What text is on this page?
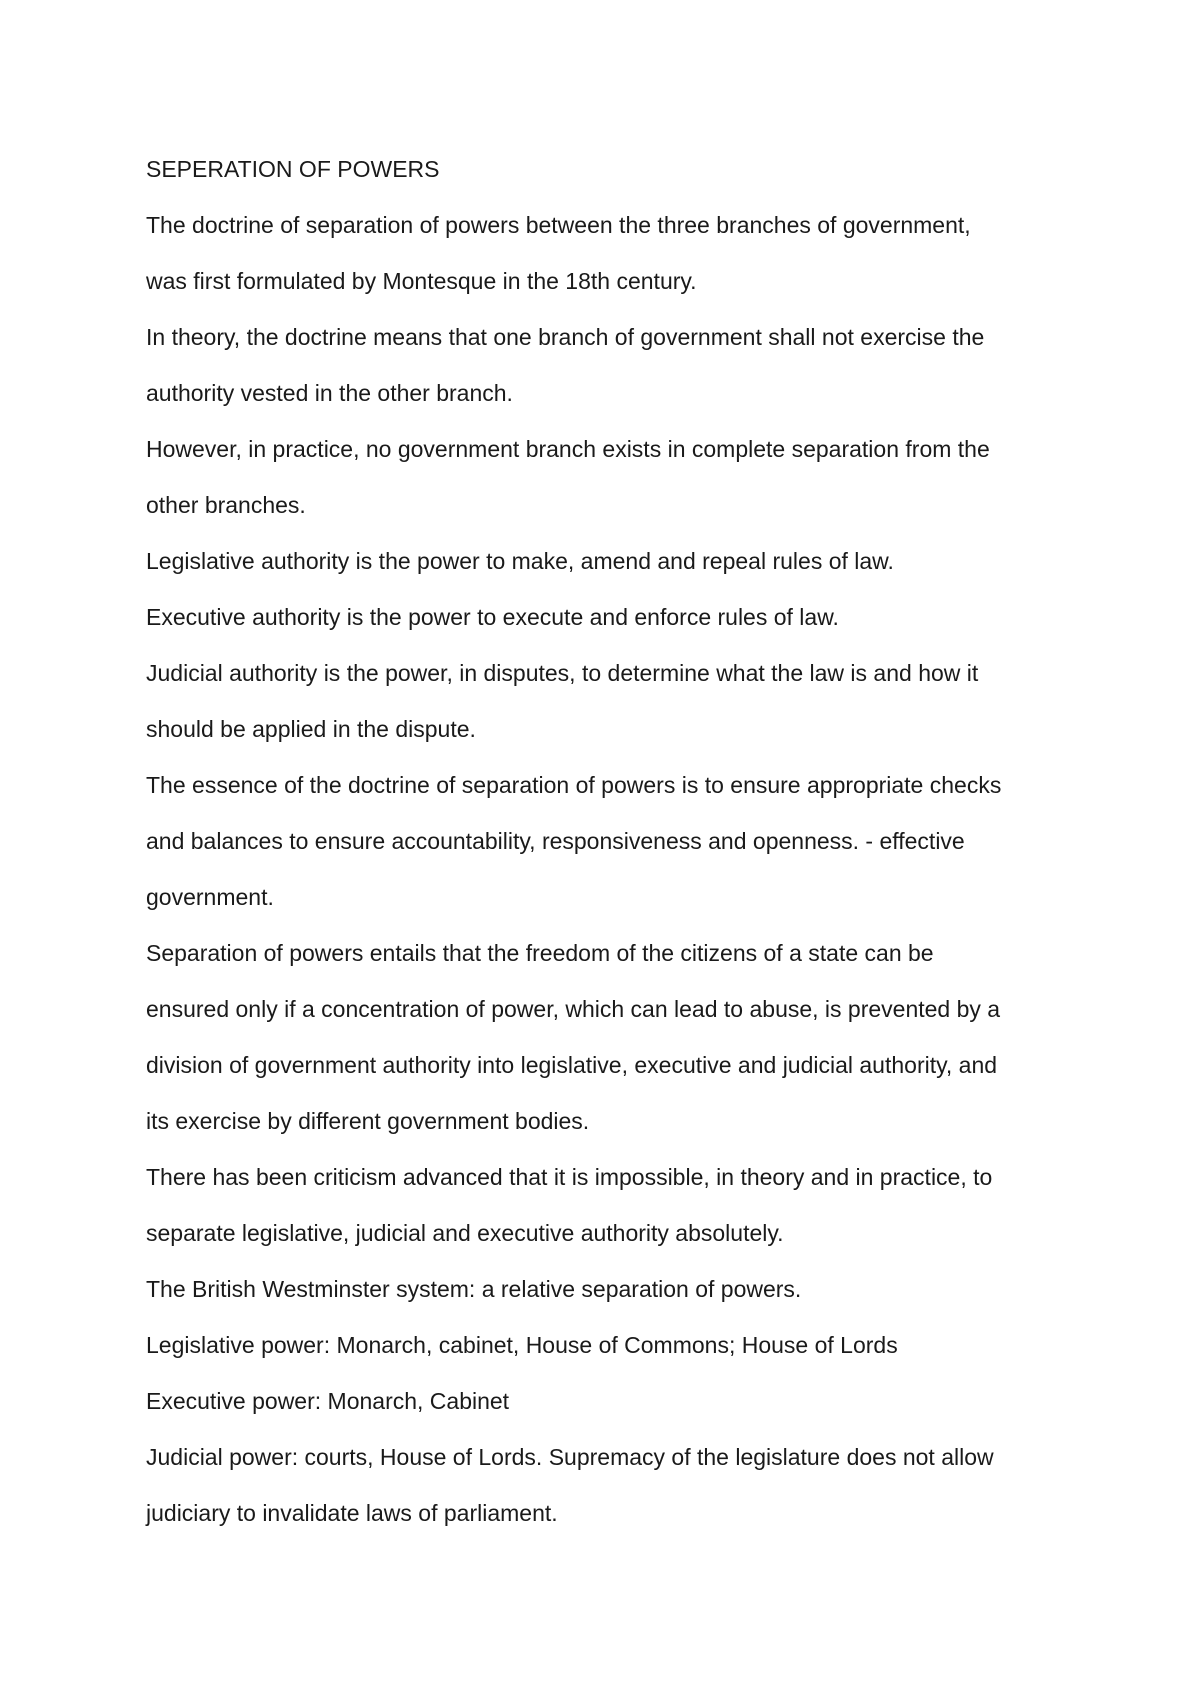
SEPERATION OF POWERS
The doctrine of separation of powers between the three branches of government,
was first formulated by Montesque in the 18th century.
In theory, the doctrine means that one branch of government shall not exercise the
authority vested in the other branch.
However, in practice, no government branch exists in complete separation from the
other branches.
Legislative authority is the power to make, amend and repeal rules of law.
Executive authority is the power to execute and enforce rules of law.
Judicial authority is the power, in disputes, to determine what the law is and how it
should be applied in the dispute.
The essence of the doctrine of separation of powers is to ensure appropriate checks
and balances to ensure accountability, responsiveness and openness. - effective
government.
Separation of powers entails that the freedom of the citizens of a state can be
ensured only if a concentration of power, which can lead to abuse, is prevented by a
division of government authority into legislative, executive and judicial authority, and
its exercise by different government bodies.
There has been criticism advanced that it is impossible, in theory and in practice, to
separate legislative, judicial and executive authority absolutely.
The British Westminster system: a relative separation of powers.
Legislative power: Monarch, cabinet, House of Commons; House of Lords
Executive power: Monarch, Cabinet
Judicial power: courts, House of Lords. Supremacy of the legislature does not allow
judiciary to invalidate laws of parliament.
